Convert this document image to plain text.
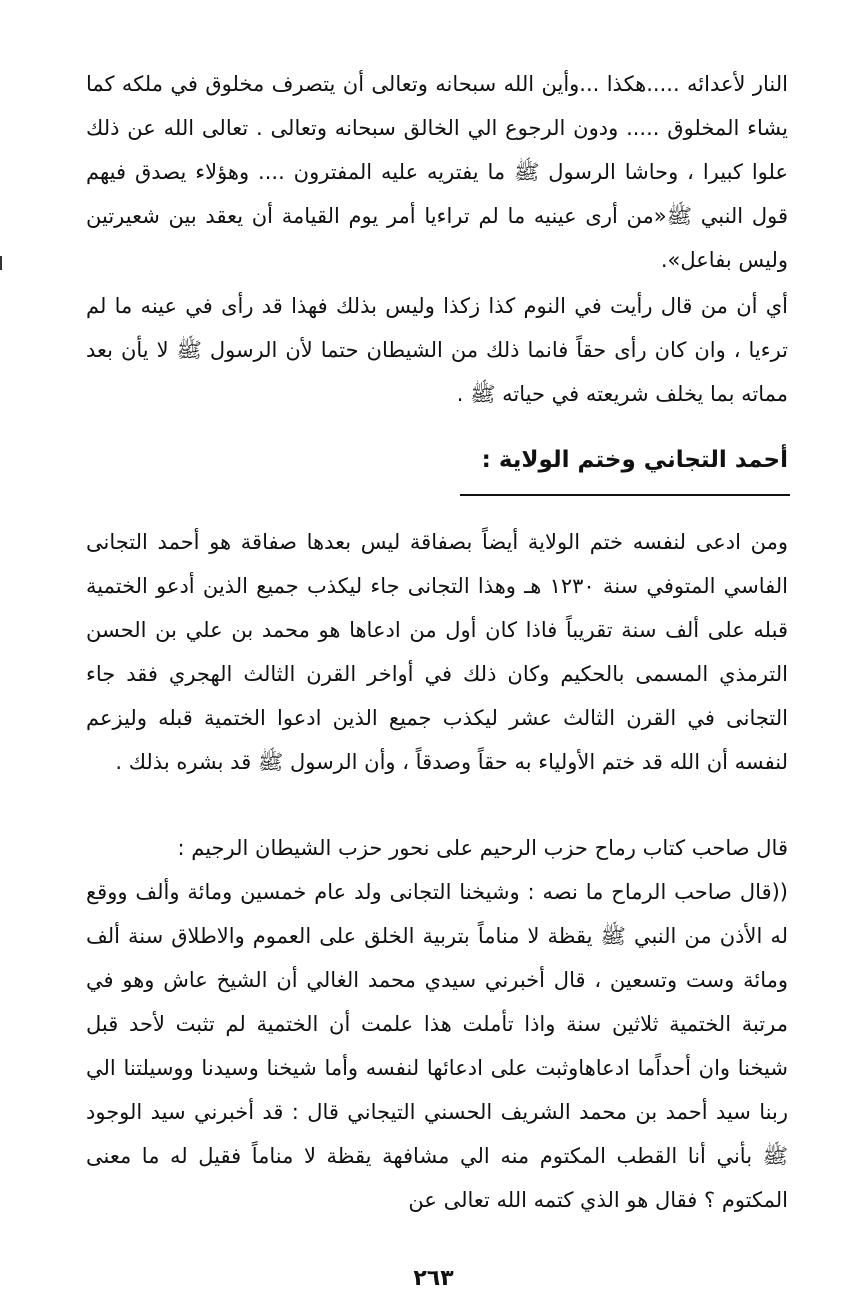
النار لأعدائه .....هكذا ...وأين الله سبحانه وتعالى أن يتصرف مخلوق في ملكه كما يشاء المخلوق ..... ودون الرجوع الي الخالق سبحانه وتعالى . تعالى الله عن ذلك علوا كبيرا ، وحاشا الرسول ﷺ ما يفتريه عليه المفترون .... وهؤلاء يصدق فيهم قول النبي ﷺ«من أرى عينيه ما لم تراءيا أمر يوم القيامة أن يعقد بين شعيرتين وليس بفاعل».

أي أن من قال رأيت في النوم كذا زكذا وليس بذلك فهذا قد رأى في عينه ما لم ترءيا ، وان كان رأى حقاً فانما ذلك من الشيطان حتما لأن الرسول ﷺ لا يأن بعد مماته بما يخلف شريعته في حياته ﷺ .

أحمد التجاني وختم الولاية :

ومن ادعى لنفسه ختم الولاية أيضاً بصفاقة ليس بعدها صفاقة هو أحمد التجانى الفاسي المتوفي سنة ١٢٣٠ هـ وهذا التجانى جاء ليكذب جميع الذين أدعو الختمية قبله على ألف سنة تقريباً فاذا كان أول من ادعاها هو محمد بن علي بن الحسن الترمذي المسمى بالحكيم وكان ذلك في أواخر القرن الثالث الهجري فقد جاء التجانى في القرن الثالث عشر ليكذب جميع الذين ادعوا الختمية قبله وليزعم لنفسه أن الله قد ختم الأولياء به حقاً وصدقاً ، وأن الرسول ﷺ قد بشره بذلك .

قال صاحب كتاب رماح حزب الرحيم على نحور حزب الشيطان الرجيم :

((قال صاحب الرماح ما نصه : وشيخنا التجانى ولد عام خمسين ومائة وألف ووقع له الأذن من النبي ﷺ يقظة لا مناماً بتربية الخلق على العموم والاطلاق سنة ألف ومائة وست وتسعين ، قال أخبرني سيدي محمد الغالي أن الشيخ عاش وهو في مرتبة الختمية ثلاثين سنة واذا تأملت هذا علمت أن الختمية لم تثبت لأحد قبل شيخنا وان أحداًما ادعاهاوثبت على ادعائها لنفسه وأما شيخنا وسيدنا ووسيلتنا الي ربنا سيد أحمد بن محمد الشريف الحسني التيجاني قال : قد أخبرني سيد الوجود ﷺ بأني أنا القطب المكتوم منه الي مشافهة يقظة لا مناماً فقيل له ما معنى المكتوم ؟ فقال هو الذي كتمه الله تعالى عن

٢٦٣
